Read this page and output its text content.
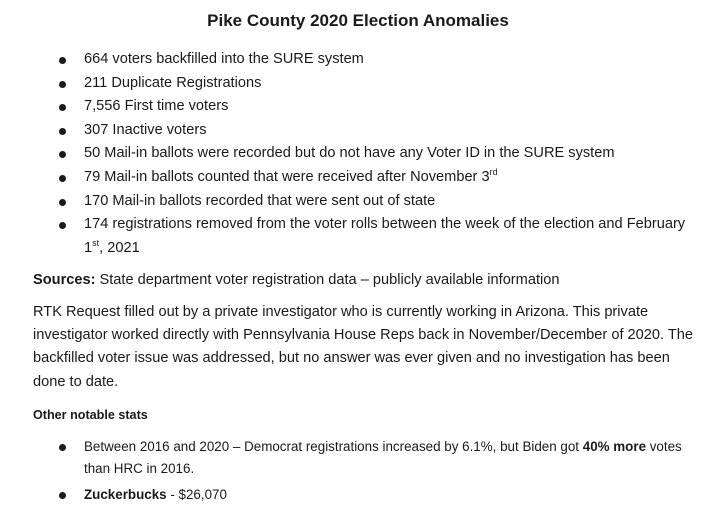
Pike County 2020 Election Anomalies
664 voters backfilled into the SURE system
211 Duplicate Registrations
7,556 First time voters
307 Inactive voters
50 Mail-in ballots were recorded but do not have any Voter ID in the SURE system
79 Mail-in ballots counted that were received after November 3rd
170 Mail-in ballots recorded that were sent out of state
174 registrations removed from the voter rolls between the week of the election and February 1st, 2021
Sources: State department voter registration data – publicly available information
RTK Request filled out by a private investigator who is currently working in Arizona. This private investigator worked directly with Pennsylvania House Reps back in November/December of 2020. The backfilled voter issue was addressed, but no answer was ever given and no investigation has been done to date.
Other notable stats
Between 2016 and 2020 – Democrat registrations increased by 6.1%, but Biden got 40% more votes than HRC in 2016.
Zuckerbucks - $26,070
